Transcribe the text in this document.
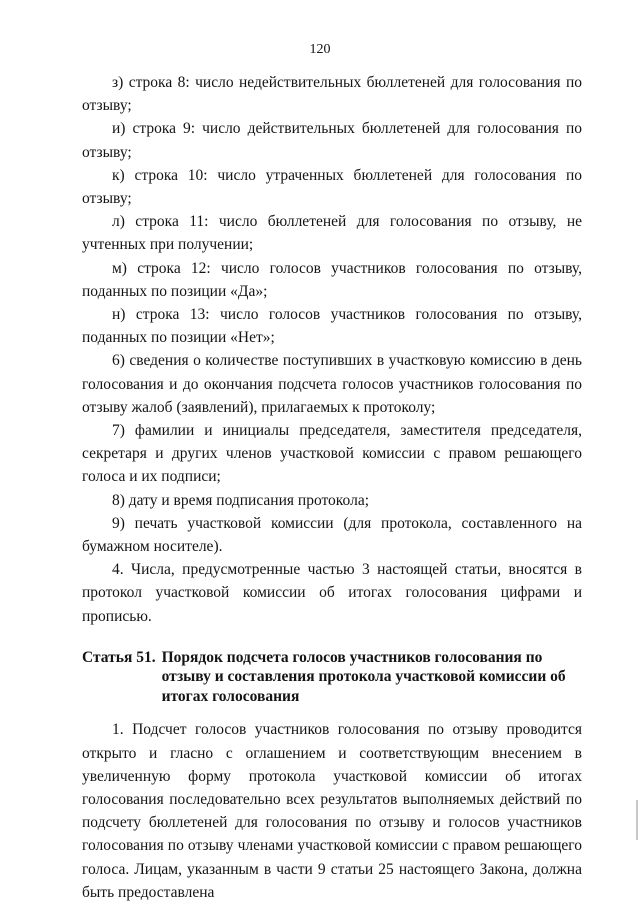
120

з) строка 8: число недействительных бюллетеней для голосования по отзыву;

и) строка 9: число действительных бюллетеней для голосования по отзыву;

к) строка 10: число утраченных бюллетеней для голосования по отзыву;

л) строка 11: число бюллетеней для голосования по отзыву, не учтенных при получении;

м) строка 12: число голосов участников голосования по отзыву, поданных по позиции «Да»;

н) строка 13: число голосов участников голосования по отзыву, поданных по позиции «Нет»;

6) сведения о количестве поступивших в участковую комиссию в день голосования и до окончания подсчета голосов участников голосования по отзыву жалоб (заявлений), прилагаемых к протоколу;

7) фамилии и инициалы председателя, заместителя председателя, секретаря и других членов участковой комиссии с правом решающего голоса и их подписи;

8) дату и время подписания протокола;

9) печать участковой комиссии (для протокола, составленного на бумажном носителе).

4. Числа, предусмотренные частью 3 настоящей статьи, вносятся в протокол участковой комиссии об итогах голосования цифрами и прописью.

Статья 51. Порядок подсчета голосов участников голосования по отзыву и составления протокола участковой комиссии об итогах голосования

1. Подсчет голосов участников голосования по отзыву проводится открыто и гласно с оглашением и соответствующим внесением в увеличенную форму протокола участковой комиссии об итогах голосования последовательно всех результатов выполняемых действий по подсчету бюллетеней для голосования по отзыву и голосов участников голосования по отзыву членами участковой комиссии с правом решающего голоса. Лицам, указанным в части 9 статьи 25 настоящего Закона, должна быть предоставлена
